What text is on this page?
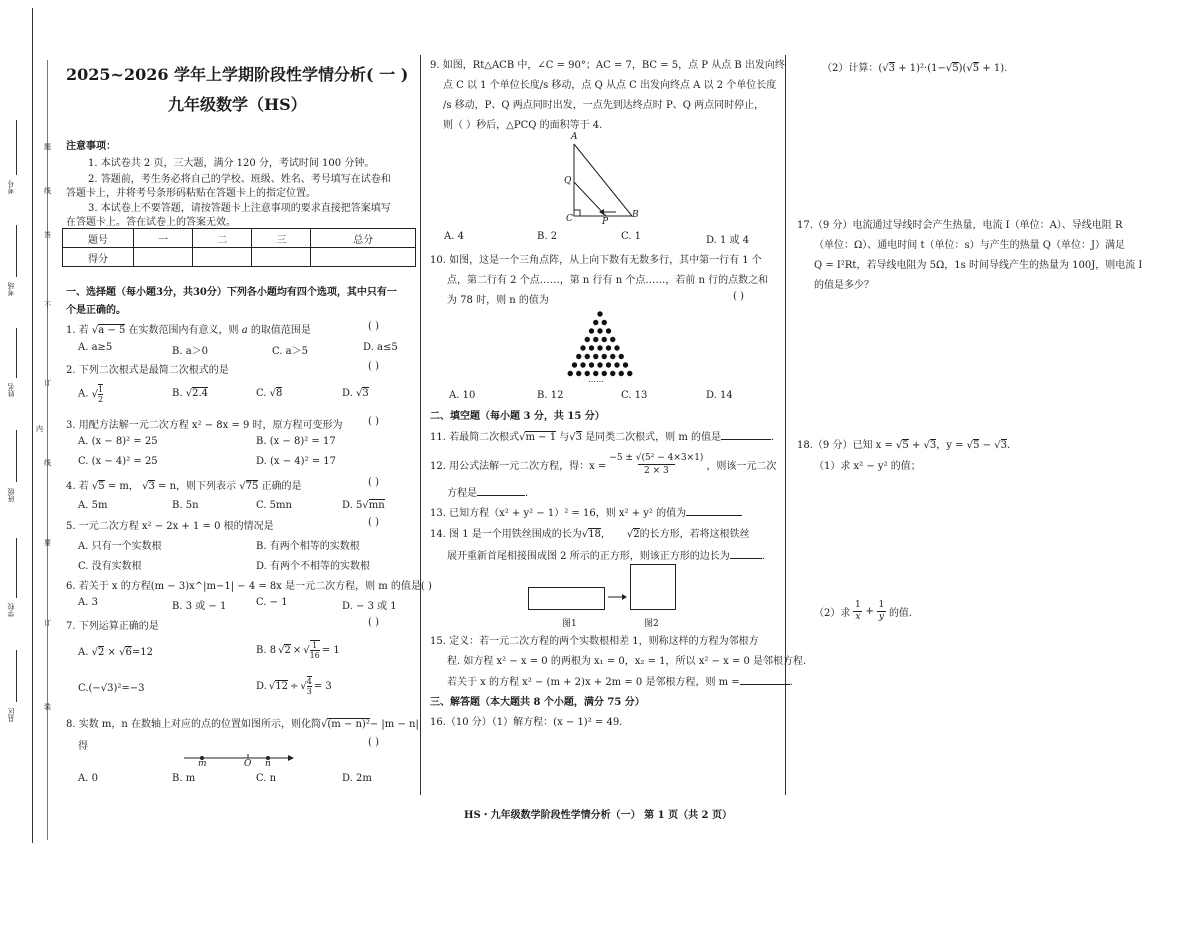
考号
考场
姓名
班级
学校
县区
题
线
答
不
订
内
线
要
订
装
2025~2026 学年上学期阶段性学情分析( 一 )
九年级数学（HS）
注意事项：
1. 本试卷共 2 页，三大题，满分 120 分，考试时间 100 分钟。
2. 答题前，考生务必将自己的学校、班级、姓名、考号填写在试卷和
答题卡上，并将考号条形码粘贴在答题卡上的指定位置。
3. 本试卷上不要答题，请按答题卡上注意事项的要求直接把答案填写
在答题卡上。答在试卷上的答案无效。
题号	一	二	三	总分
得分				
一、选择题（每小题3分，共30分）下列各小题均有四个选项，其中只有一
个是正确的。
1. 若 √a − 5 在实数范围内有意义，则 a 的取值范围是	( )
A. a≥5	B. a＞0	C. a＞5	D. a≤5
2. 下列二次根式是最简二次根式的是	( )
A. √ $\frac{1}{2}$	B. √2.4	C. √8	D. √3
3. 用配方法解一元二次方程 x² − 8x = 9 时，原方程可变形为	( )
A. (x − 8)² = 25	B. (x − 8)² = 17
C. (x − 4)² = 25	D. (x − 4)² = 17
4. 若 √5 = m， √3 = n，则下列表示 √75 正确的是	( )
A. 5m	B. 5n	C. 5mn	D. 5√mn
5. 一元二次方程 x² − 2x + 1 = 0 根的情况是	( )
A. 只有一个实数根	B. 有两个相等的实数根
C. 没有实数根	D. 有两个不相等的实数根
6. 若关于 x 的方程(m − 3)x^|m−1| − 4 = 8x 是一元二次方程，则 m 的值是( )
A. 3	B. 3 或 − 1	C. − 1	D. − 3 或 1
7. 下列运算正确的是	( )
A. √2 × √6=12	B. 8 √2 × √ $\frac{1}{16} = 1$
C.(−√3)²=−3	D. √12 ÷ √ $\frac{4}{3} = 3$
8. 实数 m，n 在数轴上对应的点的位置如图所示，则化简√(m − n)²− |m − n|
得	( )
m	O n
A. 0	B. m	C. n	D. 2m
9. 如图，Rt△ACB 中，∠C = 90°；AC = 7，BC = 5，点 P 从点 B 出发向终
点 C 以 1 个单位长度/s 移动，点 Q 从点 C 出发向终点 A 以 2 个单位长度
/s 移动，P、Q 两点同时出发，一点先到达终点时 P、Q 两点同时停止，
则（ ）秒后，△PCQ 的面积等于 4.
A
Q
C	P
B
A. 4	B. 2	C. 1	D. 1 或 4
10. 如图，这是一个三角点阵，从上向下数有无数多行，其中第一行有 1 个
点，第二行有 2 个点……，第 n 行有 n 个点……，若前 n 行的点数之和
为 78 时，则 n 的值为	( )
……
A. 10	B. 12	C. 13	D. 14
二、填空题（每小题 3 分，共 15 分）
11. 若最简二次根式√m − 1 与√3 是同类二次根式，则 m 的值是	.
12. 用公式法解一元二次方程，得：$x = \frac{\text{−5 ± √(5² − 4×3×1)}}{2 \times 3}$ ，则该一元二次
方程是	.
13. 已知方程（x² + y² − 1）² = 16，则 x² + y² 的值为
14. 图 1 是一个用铁丝围成的长为√18， √2的长方形，若将这根铁丝
展开重新首尾相接围成图 2 所示的正方形，则该正方形的边长为	.
图1	图2
15. 定义：若一元二次方程的两个实数根相差 1，则称这样的方程为邻根方
程. 如方程 x² − x = 0 的两根为 x₁ = 0，x₂ = 1，所以 x² − x = 0 是邻根方程.
若关于 x 的方程 x² − (m + 2)x + 2m = 0 是邻根方程，则 m =	.
三、解答题（本大题共 8 个小题，满分 75 分）
16.（10 分）（1）解方程：(x − 1)² = 49.
（2）计算：(√3 + 1)²·(1−√5)(√5 + 1).
17.（9 分）电流通过导线时会产生热量，电流 I（单位：A）、导线电阻 R
（单位：Ω）、通电时间 t（单位：s）与产生的热量 Q（单位：J）满足
Q = I²Rt，若导线电阻为 5Ω，1s 时间导线产生的热量为 100J，则电流 I
的值是多少？
18.（9 分）已知 x = √5 + √3，y = √5 − √3.
（1）求 x² − y² 的值；
（2）求 $\frac{1}{x} + \frac{1}{y}$ 的值.
HS・九年级数学阶段性学情分析（一） 第 1 页（共 2 页）
